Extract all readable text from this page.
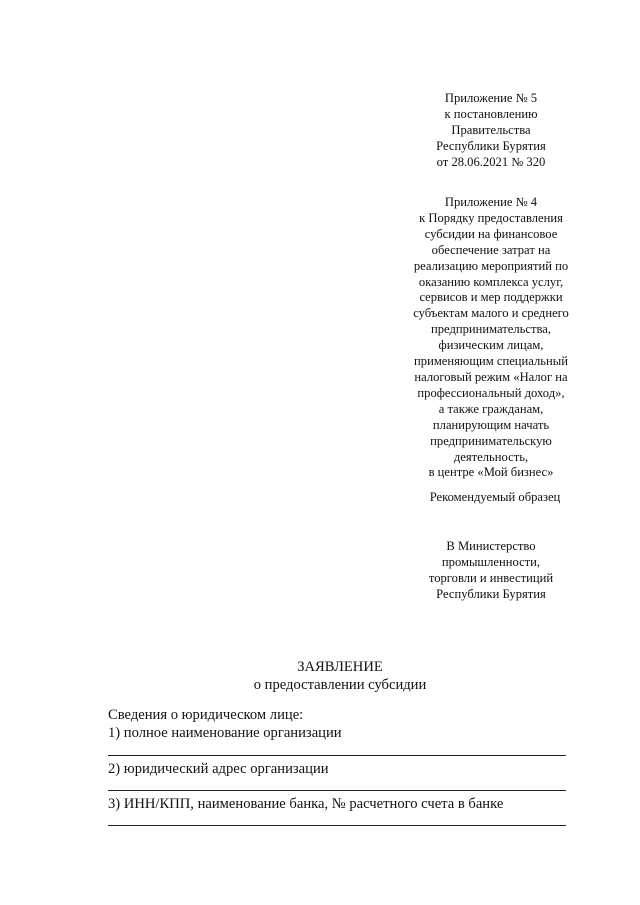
Приложение № 5
к постановлению
Правительства
Республики Бурятия
от 28.06.2021 № 320
Приложение № 4
к Порядку предоставления
субсидии на финансовое
обеспечение затрат на
реализацию мероприятий по
оказанию комплекса услуг,
сервисов и мер поддержки
субъектам малого и среднего
предпринимательства,
физическим лицам,
применяющим специальный
налоговый режим «Налог на
профессиональный доход»,
а также гражданам,
планирующим начать
предпринимательскую
деятельность,
в центре «Мой бизнес»
Рекомендуемый образец
В Министерство
промышленности,
торговли и инвестиций
Республики Бурятия
ЗАЯВЛЕНИЕ
о предоставлении субсидии
Сведения о юридическом лице:
1) полное наименование организации
2) юридический адрес организации
3) ИНН/КПП, наименование банка, № расчетного счета в банке
